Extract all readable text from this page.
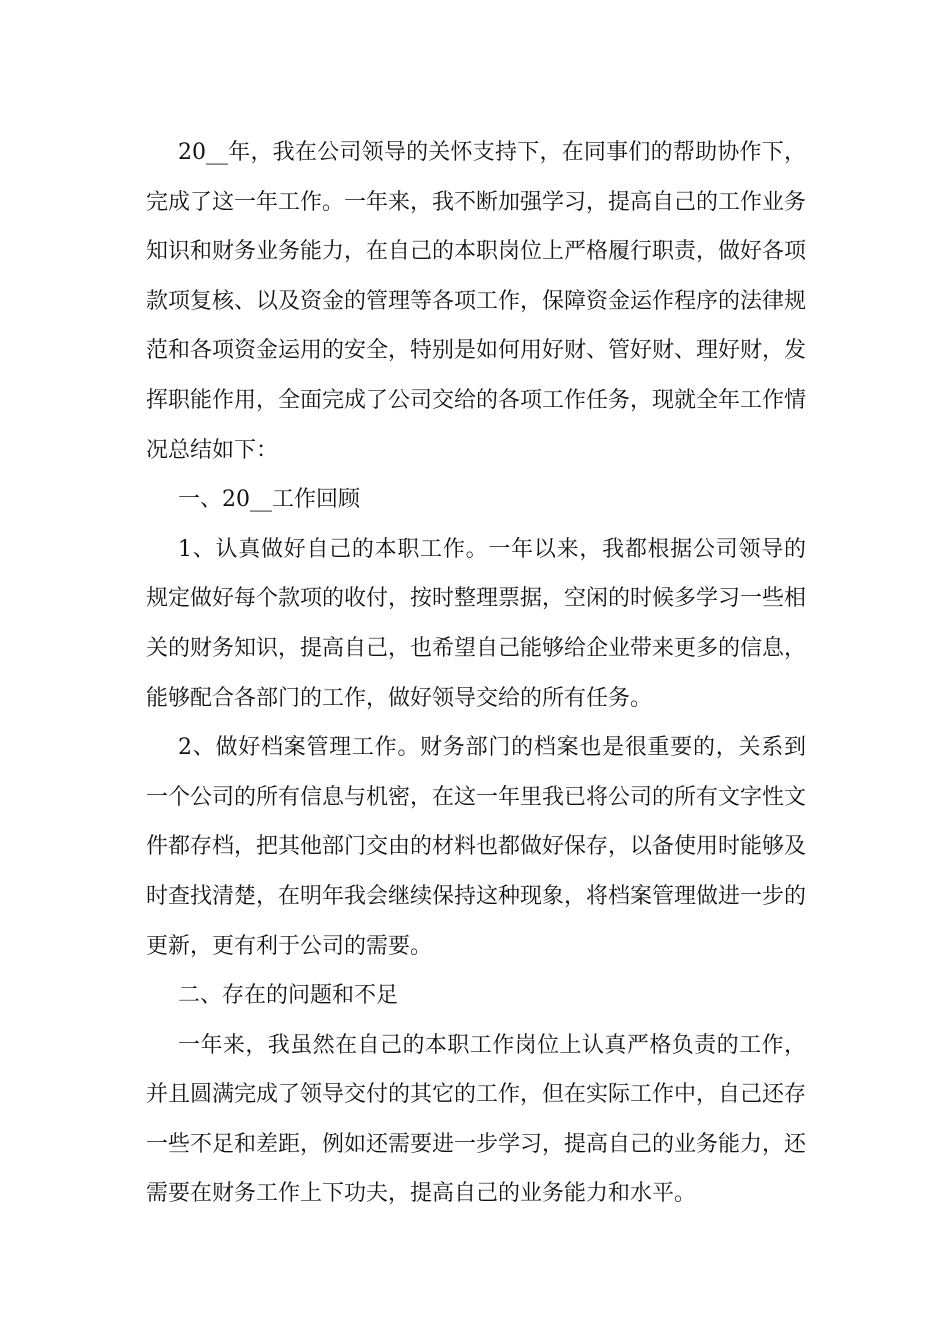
20__年，我在公司领导的关怀支持下，在同事们的帮助协作下，完成了这一年工作。一年来，我不断加强学习，提高自己的工作业务知识和财务业务能力，在自己的本职岗位上严格履行职责，做好各项款项复核、以及资金的管理等各项工作，保障资金运作程序的法律规范和各项资金运用的安全，特别是如何用好财、管好财、理好财，发挥职能作用，全面完成了公司交给的各项工作任务，现就全年工作情况总结如下：

一、20__工作回顾

1、认真做好自己的本职工作。一年以来，我都根据公司领导的规定做好每个款项的收付，按时整理票据，空闲的时候多学习一些相关的财务知识，提高自己，也希望自己能够给企业带来更多的信息，能够配合各部门的工作，做好领导交给的所有任务。

2、做好档案管理工作。财务部门的档案也是很重要的，关系到一个公司的所有信息与机密，在这一年里我已将公司的所有文字性文件都存档，把其他部门交由的材料也都做好保存，以备使用时能够及时查找清楚，在明年我会继续保持这种现象，将档案管理做进一步的更新，更有利于公司的需要。

二、存在的问题和不足

一年来，我虽然在自己的本职工作岗位上认真严格负责的工作，并且圆满完成了领导交付的其它的工作，但在实际工作中，自己还存一些不足和差距，例如还需要进一步学习，提高自己的业务能力，还需要在财务工作上下功夫，提高自己的业务能力和水平。
